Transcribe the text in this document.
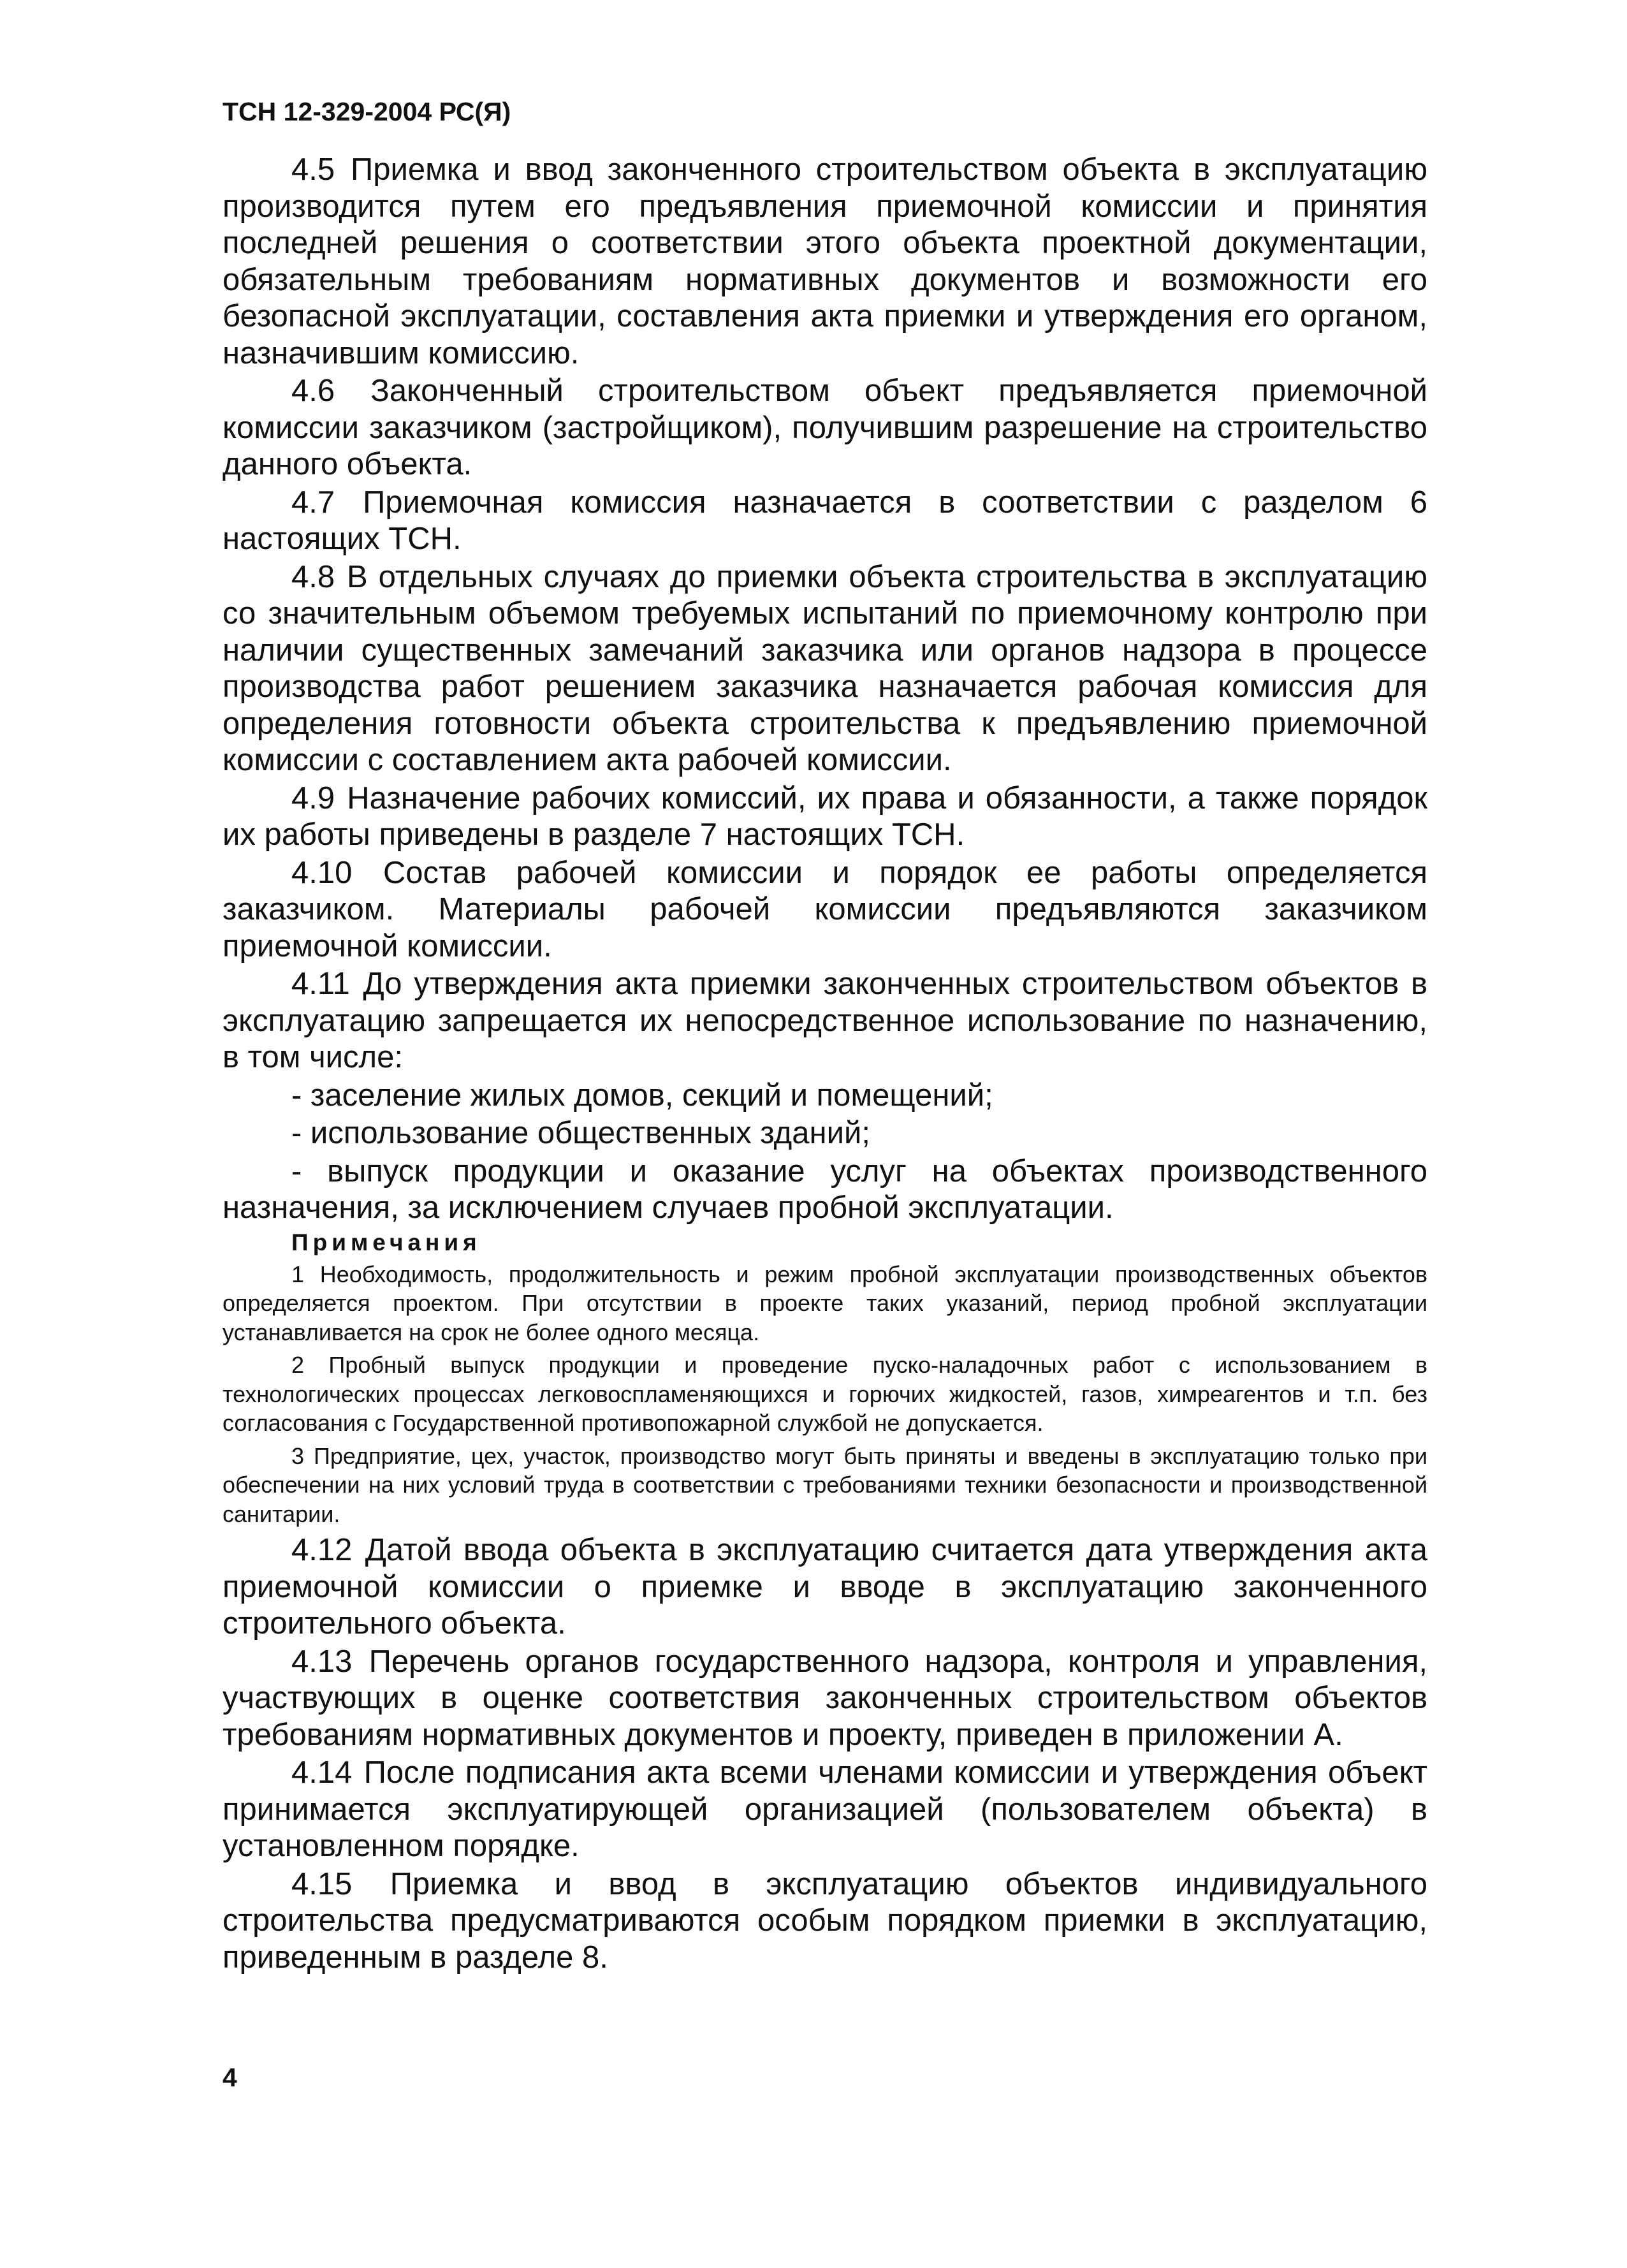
ТСН 12-329-2004 РС(Я)

4.5 Приемка и ввод законченного строительством объекта в эксплуатацию производится путем его предъявления приемочной комиссии и принятия последней решения о соответствии этого объекта проектной документации, обязательным требованиям нормативных документов и возможности его безопасной эксплуатации, составления акта приемки и утверждения его органом, назначившим комиссию.

4.6 Законченный строительством объект предъявляется приемочной комиссии заказчиком (застройщиком), получившим разрешение на строительство данного объекта.

4.7 Приемочная комиссия назначается в соответствии с разделом 6 настоящих ТСН.

4.8 В отдельных случаях до приемки объекта строительства в эксплуатацию со значительным объемом требуемых испытаний по приемочному контролю при наличии существенных замечаний заказчика или органов надзора в процессе производства работ решением заказчика назначается рабочая комиссия для определения готовности объекта строительства к предъявлению приемочной комиссии с составлением акта рабочей комиссии.

4.9 Назначение рабочих комиссий, их права и обязанности, а также порядок их работы приведены в разделе 7 настоящих ТСН.

4.10 Состав рабочей комиссии и порядок ее работы определяется заказчиком. Материалы рабочей комиссии предъявляются заказчиком приемочной комиссии.

4.11 До утверждения акта приемки законченных строительством объектов в эксплуатацию запрещается их непосредственное использование по назначению, в том числе:

- заселение жилых домов, секций и помещений;

- использование общественных зданий;

- выпуск продукции и оказание услуг на объектах производственного назначения, за исключением случаев пробной эксплуатации.

Примечания

1 Необходимость, продолжительность и режим пробной эксплуатации производственных объектов определяется проектом. При отсутствии в проекте таких указаний, период пробной эксплуатации устанавливается на срок не более одного месяца.

2 Пробный выпуск продукции и проведение пуско-наладочных работ с использованием в технологических процессах легковоспламеняющихся и горючих жидкостей, газов, химреагентов и т.п. без согласования с Государственной противопожарной службой не допускается.

3 Предприятие, цех, участок, производство могут быть приняты и введены в эксплуатацию только при обеспечении на них условий труда в соответствии с требованиями техники безопасности и производственной санитарии.

4.12 Датой ввода объекта в эксплуатацию считается дата утверждения акта приемочной комиссии о приемке и вводе в эксплуатацию законченного строительного объекта.

4.13 Перечень органов государственного надзора, контроля и управления, участвующих в оценке соответствия законченных строительством объектов требованиям нормативных документов и проекту, приведен в приложении А.

4.14 После подписания акта всеми членами комиссии и утверждения объект принимается эксплуатирующей организацией (пользователем объекта) в установленном порядке.

4.15 Приемка и ввод в эксплуатацию объектов индивидуального строительства предусматриваются особым порядком приемки в эксплуатацию, приведенным в разделе 8.

4
